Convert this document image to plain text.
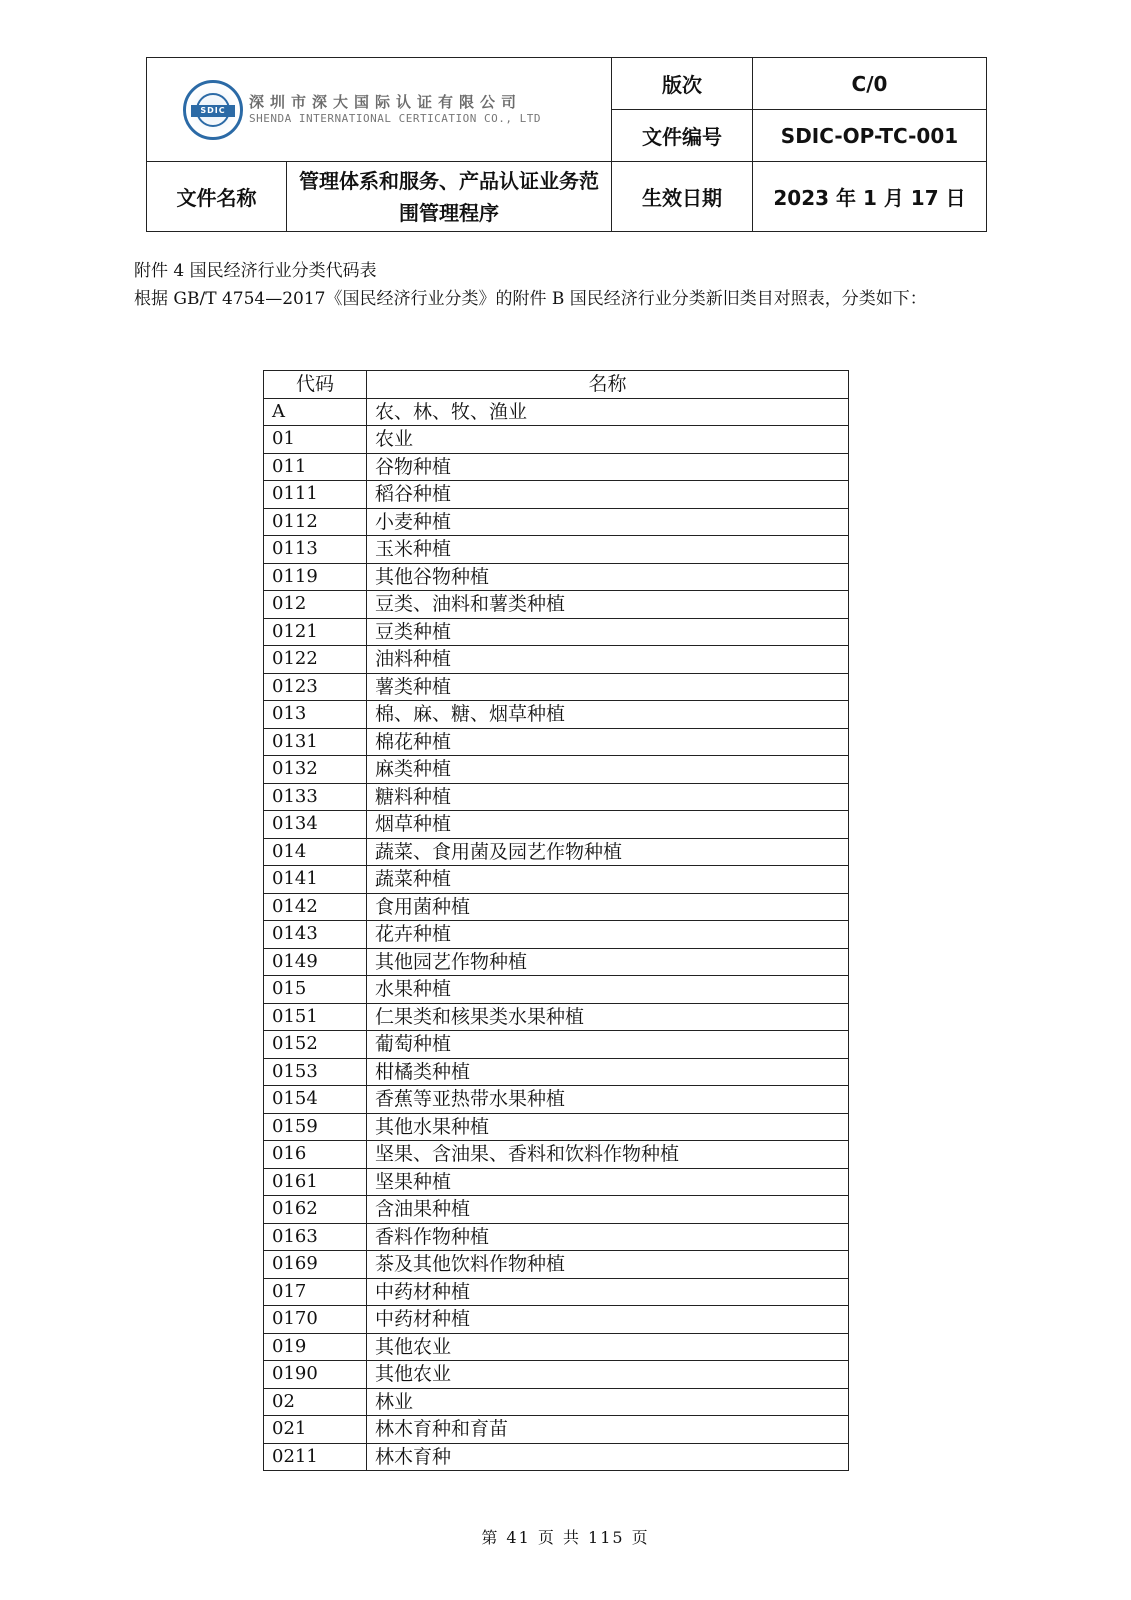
SDIC 深圳市深大国际认证有限公司
SHENDA INTERNATIONAL CERTICATION CO., LTD		版次	C/0
		文件编号	SDIC-OP-TC-001
文件名称	管理体系和服务、产品认证业务范围管理程序	生效日期	2023 年 1 月 17 日
附件 4 国民经济行业分类代码表
根据 GB/T 4754—2017《国民经济行业分类》的附件 B 国民经济行业分类新旧类目对照表，分类如下：
代码	名称
A	农、林、牧、渔业
01	农业
011	谷物种植
0111	稻谷种植
0112	小麦种植
0113	玉米种植
0119	其他谷物种植
012	豆类、油料和薯类种植
0121	豆类种植
0122	油料种植
0123	薯类种植
013	棉、麻、糖、烟草种植
0131	棉花种植
0132	麻类种植
0133	糖料种植
0134	烟草种植
014	蔬菜、食用菌及园艺作物种植
0141	蔬菜种植
0142	食用菌种植
0143	花卉种植
0149	其他园艺作物种植
015	水果种植
0151	仁果类和核果类水果种植
0152	葡萄种植
0153	柑橘类种植
0154	香蕉等亚热带水果种植
0159	其他水果种植
016	坚果、含油果、香料和饮料作物种植
0161	坚果种植
0162	含油果种植
0163	香料作物种植
0169	茶及其他饮料作物种植
017	中药材种植
0170	中药材种植
019	其他农业
0190	其他农业
02	林业
021	林木育种和育苗
0211	林木育种
第 41 页 共 115 页
